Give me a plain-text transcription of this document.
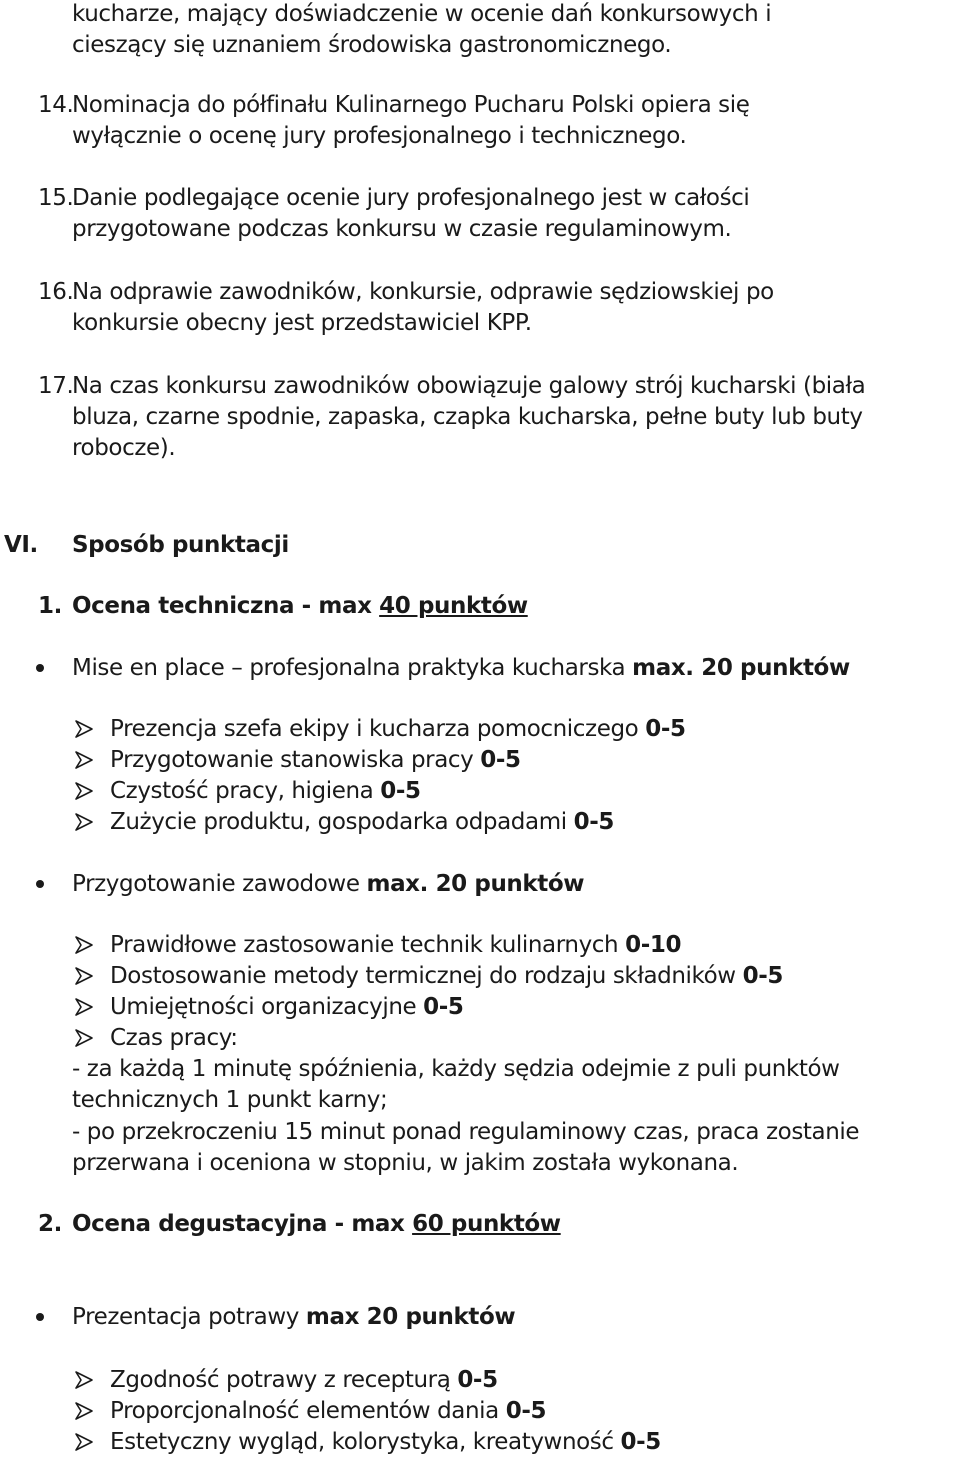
kucharze, mający doświadczenie w ocenie dań konkursowych i
cieszący się uznaniem środowiska gastronomicznego.
14.
Nominacja do półfinału Kulinarnego Pucharu Polski opiera się
wyłącznie o ocenę jury profesjonalnego i technicznego.
15.
Danie podlegające ocenie jury profesjonalnego jest w całości
przygotowane podczas konkursu w czasie regulaminowym.
16.
Na odprawie zawodników, konkursie, odprawie sędziowskiej po
konkursie obecny jest przedstawiciel KPP.
17.
Na czas konkursu zawodników obowiązuje galowy strój kucharski (biała
bluza, czarne spodnie, zapaska, czapka kucharska, pełne buty lub buty
robocze).
VI. Sposób punktacji
1. Ocena techniczna - max 40 punktów
Mise en place – profesjonalna praktyka kucharska max. 20 punktów
Prezencja szefa ekipy i kucharza pomocniczego 0-5
Przygotowanie stanowiska pracy 0-5
Czystość pracy, higiena 0-5
Zużycie produktu, gospodarka odpadami 0-5
Przygotowanie zawodowe max. 20 punktów
Prawidłowe zastosowanie technik kulinarnych 0-10
Dostosowanie metody termicznej do rodzaju składników 0-5
Umiejętności organizacyjne 0-5
Czas pracy:
- za każdą 1 minutę spóźnienia, każdy sędzia odejmie z puli punktów
technicznych 1 punkt karny;
- po przekroczeniu 15 minut ponad regulaminowy czas, praca zostanie
przerwana i oceniona w stopniu, w jakim została wykonana.
2. Ocena degustacyjna - max 60 punktów
Prezentacja potrawy max 20 punktów
Zgodność potrawy z recepturą 0-5
Proporcjonalność elementów dania 0-5
Estetyczny wygląd, kolorystyka, kreatywność 0-5
